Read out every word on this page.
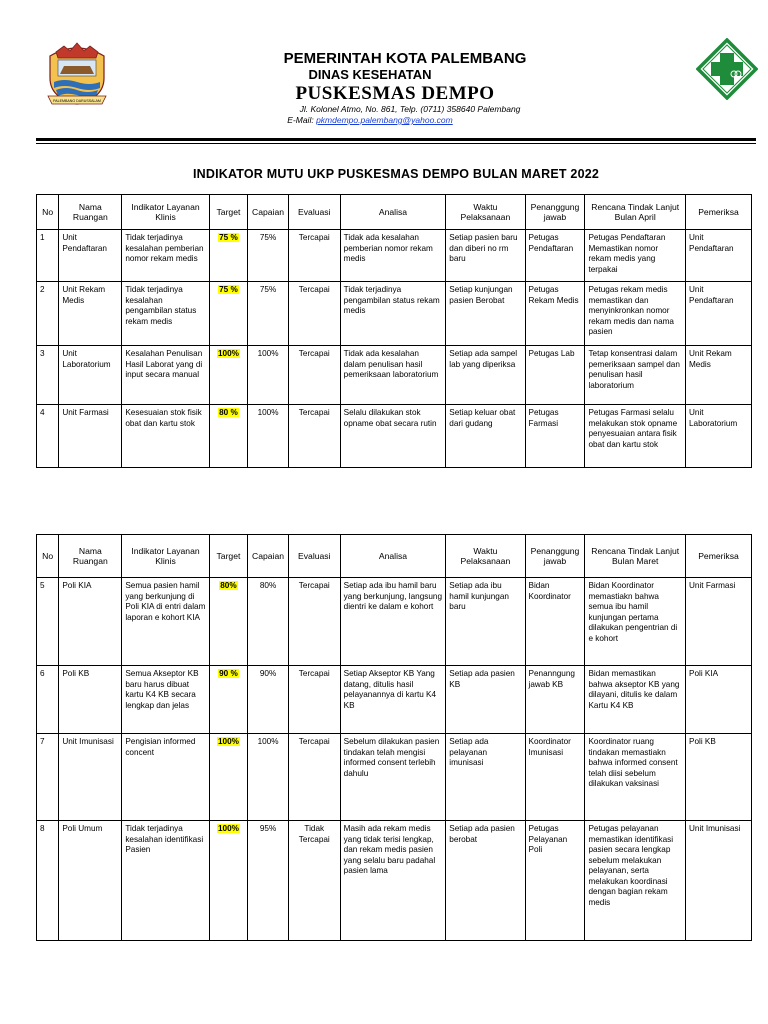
PALEMBANG DARUSSALAM
PEMERINTAH KOTA PALEMBANG
DINAS KESEHATAN
PUSKESMAS DEMPO
Jl. Kolonel Atmo, No. 861, Telp. (0711) 358640 Palembang
E-Mail: pkmdempo.palembang@yahoo.com
INDIKATOR MUTU UKP PUSKESMAS DEMPO BULAN MARET 2022
No	Nama Ruangan	Indikator Layanan Klinis	Target	Capaian	Evaluasi	Analisa	Waktu Pelaksanaan	Penanggung jawab	Rencana Tindak Lanjut Bulan April	Pemeriksa
1	Unit Pendaftaran	Tidak terjadinya kesalahan pemberian nomor rekam medis	75 %	75%	Tercapai	Tidak ada kesalahan pemberian nomor rekam medis	Setiap pasien baru dan diberi no rm baru	Petugas Pendaftaran	Petugas Pendaftaran Memastikan nomor rekam medis yang terpakai	Unit Pendaftaran
2	Unit Rekam Medis	Tidak terjadinya kesalahan pengambilan status rekam medis	75 %	75%	Tercapai	Tidak terjadinya pengambilan status rekam medis	Setiap kunjungan pasien Berobat	Petugas Rekam Medis	Petugas rekam medis memastikan dan menyinkronkan nomor rekam medis dan nama pasien	Unit Pendaftaran
3	Unit Laboratorium	Kesalahan Penulisan Hasil Laborat yang di input secara manual	100%	100%	Tercapai	Tidak ada kesalahan dalam penulisan hasil pemeriksaan laboratorium	Setiap ada sampel lab yang diperiksa	Petugas Lab	Tetap konsentrasi dalam pemeriksaan sampel dan penulisan hasil laboratorium	Unit Rekam Medis
4	Unit Farmasi	Kesesuaian stok fisik obat dan kartu stok	80 %	100%	Tercapai	Selalu dilakukan stok opname obat secara rutin	Setiap keluar obat dari gudang	Petugas Farmasi	Petugas Farmasi selalu melakukan stok opname penyesuaian antara fisik obat dan kartu stok	Unit Laboratorium
No	Nama Ruangan	Indikator Layanan Klinis	Target	Capaian	Evaluasi	Analisa	Waktu Pelaksanaan	Penanggung jawab	Rencana Tindak Lanjut Bulan Maret	Pemeriksa
5	Poli KIA	Semua pasien hamil yang berkunjung di Poli KIA di entri dalam laporan e kohort KIA	80%	80%	Tercapai	Setiap ada ibu hamil baru yang berkunjung, langsung dientri ke dalam e kohort	Setiap ada ibu hamil kunjungan baru	Bidan Koordinator	Bidan Koordinator memastiakn bahwa semua ibu hamil kunjungan pertama dilakukan pengentrian di e kohort	Unit Farmasi
6	Poli KB	Semua Akseptor KB baru harus dibuat kartu K4 KB secara lengkap dan jelas	90 %	90%	Tercapai	Setiap Akseptor KB Yang datang, ditulis hasil pelayanannya di kartu K4 KB	Setiap ada pasien KB	Penanngung jawab KB	Bidan memastikan bahwa akseptor KB yang dilayani, ditulis ke dalam Kartu K4 KB	Poli KIA
7	Unit Imunisasi	Pengisian informed concent	100%	100%	Tercapai	Sebelum dilakukan pasien tindakan telah mengisi informed consent terlebih dahulu	Setiap ada pelayanan imunisasi	Koordinator Imunisasi	Koordinator ruang tindakan memastiakn bahwa informed consent telah diisi sebelum dilakukan vaksinasi	Poli KB
8	Poli Umum	Tidak terjadinya kesalahan identifikasi Pasien	100%	95%	Tidak Tercapai	Masih ada rekam medis yang tidak terisi lengkap, dan rekam medis pasien yang selalu baru padahal pasien lama	Setiap ada pasien berobat	Petugas Pelayanan Poli	Petugas pelayanan memastikan identifikasi pasien secara lengkap sebelum melakukan pelayanan, serta melakukan koordinasi dengan bagian rekam medis	Unit Imunisasi
